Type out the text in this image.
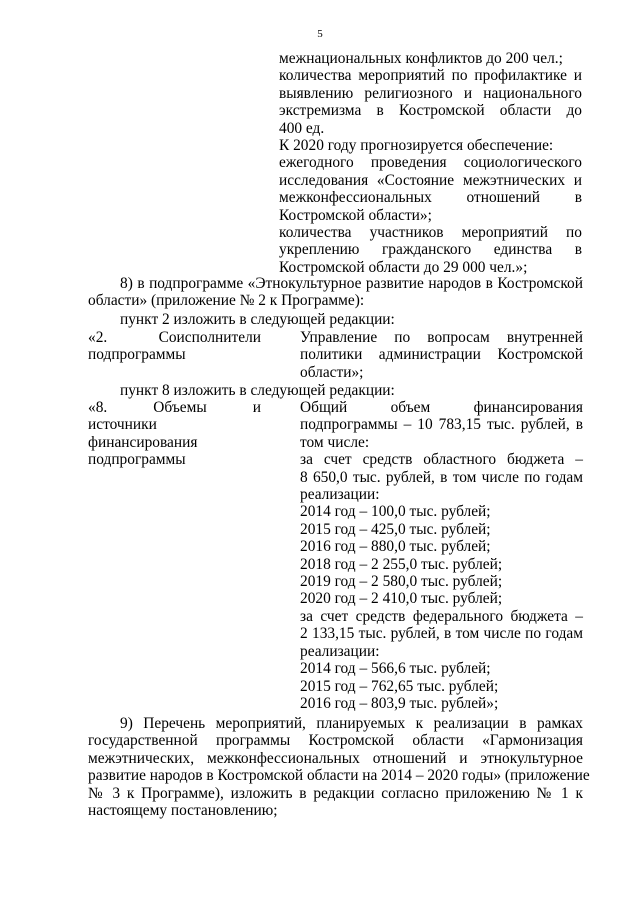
5
межнациональных конфликтов до 200 чел.;
количества мероприятий по профилактике и
выявлению религиозного и национального
экстремизма в Костромской области до
400 ед.
К 2020 году прогнозируется обеспечение:
ежегодного проведения социологического
исследования «Состояние межэтнических и
межконфессиональных отношений в
Костромской области»;
количества участников мероприятий по
укреплению гражданского единства в
Костромской области до 29 000 чел.»;
8) в подпрограмме «Этнокультурное развитие народов в Костромской
области» (приложение № 2 к Программе):
пункт 2 изложить в следующей редакции:
«2. Соисполнители
подпрограммы
Управление по вопросам внутренней
политики администрации Костромской
области»;
пункт 8 изложить в следующей редакции:
«8. Объемы и
источники
финансирования
подпрограммы
Общий объем финансирования
подпрограммы – 10 783,15 тыс. рублей, в
том числе:
за счет средств областного бюджета –
8 650,0 тыс. рублей, в том числе по годам
реализации:
2014 год – 100,0 тыс. рублей;
2015 год – 425,0 тыс. рублей;
2016 год – 880,0 тыс. рублей;
2018 год – 2 255,0 тыс. рублей;
2019 год – 2 580,0 тыс. рублей;
2020 год – 2 410,0 тыс. рублей;
за счет средств федерального бюджета –
2 133,15 тыс. рублей, в том числе по годам
реализации:
2014 год – 566,6 тыс. рублей;
2015 год – 762,65 тыс. рублей;
2016 год – 803,9 тыс. рублей»;
9) Перечень мероприятий, планируемых к реализации в рамках
государственной программы Костромской области «Гармонизация
межэтнических, межконфессиональных отношений и этнокультурное
развитие народов в Костромской области на 2014 – 2020 годы» (приложение
№ 3 к Программе), изложить в редакции согласно приложению № 1 к
настоящему постановлению;
